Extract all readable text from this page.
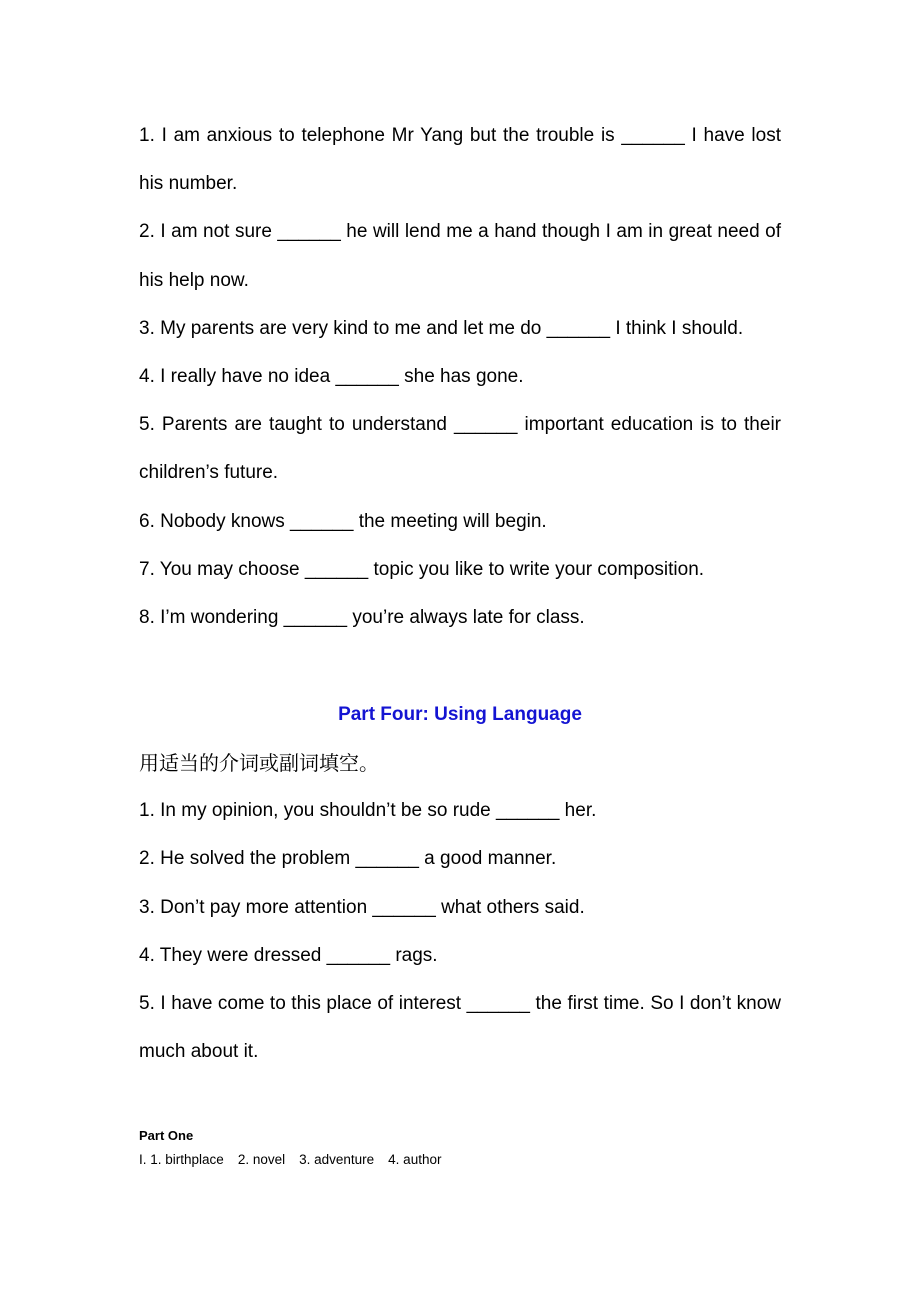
1. I am anxious to telephone Mr Yang but the trouble is ______ I have lost his number.

2. I am not sure ______ he will lend me a hand though I am in great need of his help now.

3. My parents are very kind to me and let me do ______ I think I should.

4. I really have no idea ______ she has gone.

5. Parents are taught to understand ______ important education is to their children’s future.

6. Nobody knows ______ the meeting will begin.

7. You may choose ______ topic you like to write your composition.

8. I’m wondering ______ you’re always late for class.

Part Four: Using Language

用适当的介词或副词填空。

1. In my opinion, you shouldn’t be so rude ______ her.

2. He solved the problem ______ a good manner.

3. Don’t pay more attention ______ what others said.

4. They were dressed ______ rags.

5. I have come to this place of interest ______ the first time. So I don’t know much about it.

Part One

I. 1. birthplace 2. novel 3. adventure 4. author
